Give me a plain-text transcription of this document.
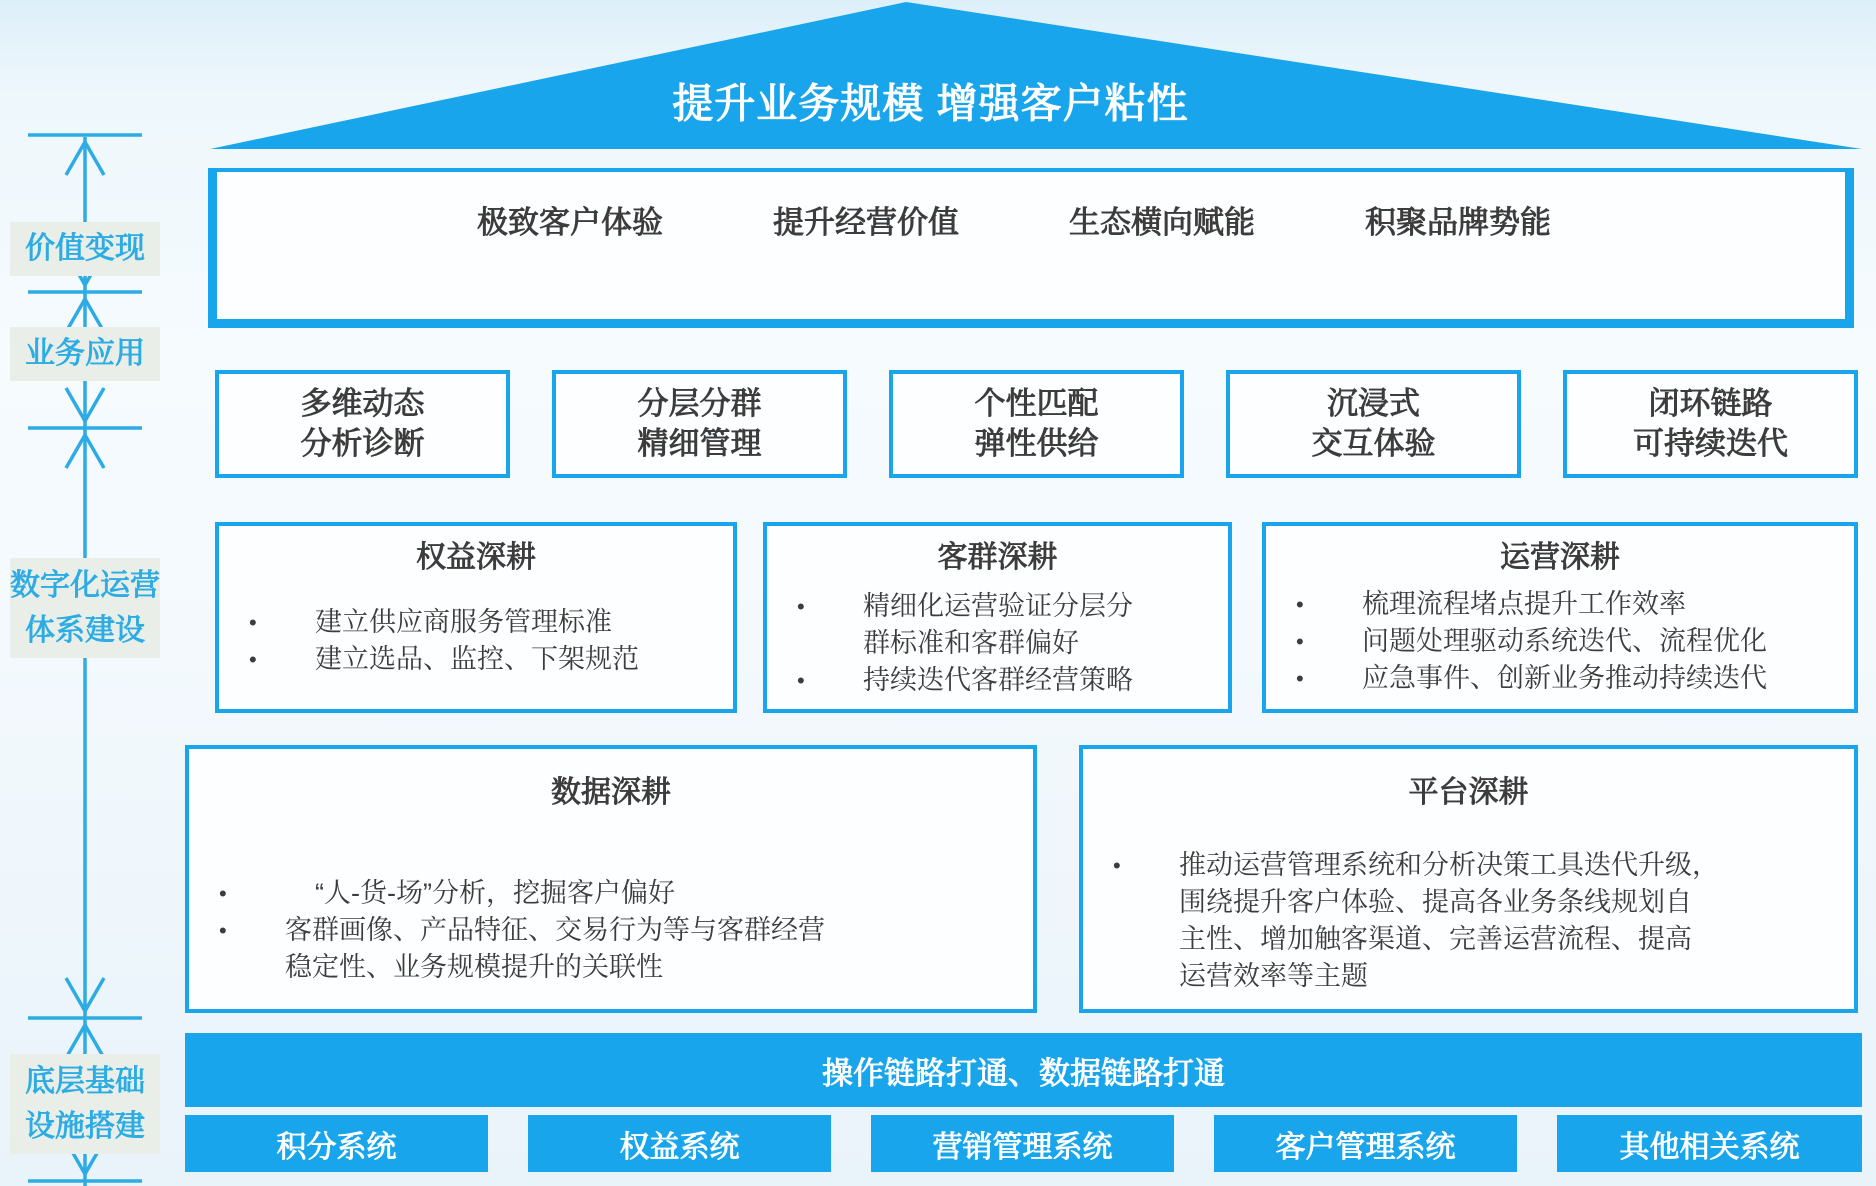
价值变现
业务应用
数字化运营
体系建设
底层基础
设施搭建
提升业务规模 增强客户粘性
极致客户体验	提升经营价值	生态横向赋能	积聚品牌势能
多维动态
分析诊断
分层分群
精细管理
个性匹配
弹性供给
沉浸式
交互体验
闭环链路
可持续迭代
权益深耕
•	建立供应商服务管理标准
•	建立选品、监控、下架规范
客群深耕
•	精细化运营验证分层分
群标准和客群偏好
•	持续迭代客群经营策略
运营深耕
•	梳理流程堵点提升工作效率
•	问题处理驱动系统迭代、流程优化
•	应急事件、创新业务推动持续迭代
数据深耕
•	“人-货-场”分析，挖掘客户偏好
•	客群画像、产品特征、交易行为等与客群经营
稳定性、业务规模提升的关联性
平台深耕
•	推动运营管理系统和分析决策工具迭代升级，
围绕提升客户体验、提高各业务条线规划自
主性、增加触客渠道、完善运营流程、提高
运营效率等主题
操作链路打通、数据链路打通
积分系统	权益系统	营销管理系统	客户管理系统	其他相关系统
